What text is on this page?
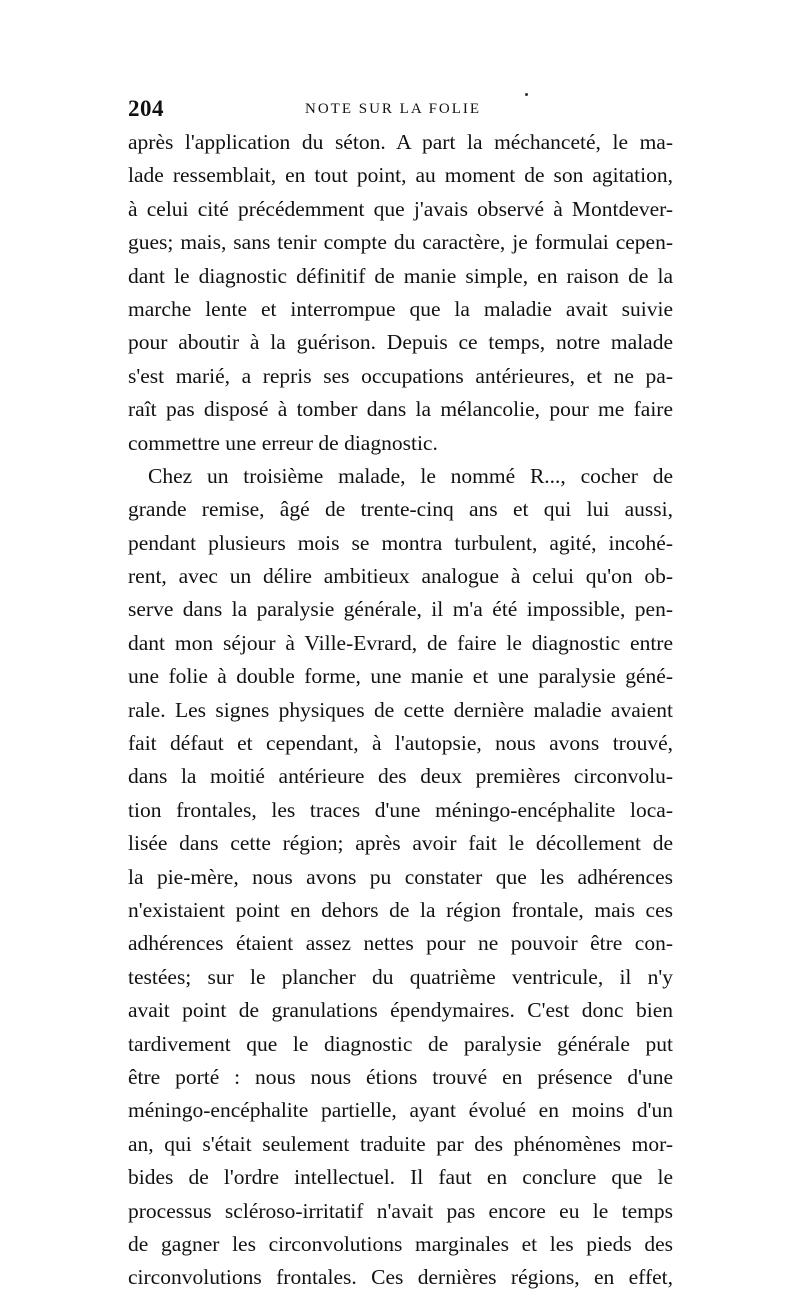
204	NOTE SUR LA FOLIE
après l'application du séton. A part la méchanceté, le ma-
lade ressemblait, en tout point, au moment de son agitation,
à celui cité précédemment que j'avais observé à Montdever-
gues; mais, sans tenir compte du caractère, je formulai cepen-
dant le diagnostic définitif de manie simple, en raison de la
marche lente et interrompue que la maladie avait suivie
pour aboutir à la guérison. Depuis ce temps, notre malade
s'est marié, a repris ses occupations antérieures, et ne pa-
raît pas disposé à tomber dans la mélancolie, pour me faire
commettre une erreur de diagnostic.
Chez un troisième malade, le nommé R..., cocher de
grande remise, âgé de trente-cinq ans et qui lui aussi,
pendant plusieurs mois se montra turbulent, agité, incohé-
rent, avec un délire ambitieux analogue à celui qu'on ob-
serve dans la paralysie générale, il m'a été impossible, pen-
dant mon séjour à Ville-Evrard, de faire le diagnostic entre
une folie à double forme, une manie et une paralysie géné-
rale. Les signes physiques de cette dernière maladie avaient
fait défaut et cependant, à l'autopsie, nous avons trouvé,
dans la moitié antérieure des deux premières circonvolu-
tion frontales, les traces d'une méningo-encéphalite loca-
lisée dans cette région; après avoir fait le décollement de
la pie-mère, nous avons pu constater que les adhérences
n'existaient point en dehors de la région frontale, mais ces
adhérences étaient assez nettes pour ne pouvoir être con-
testées; sur le plancher du quatrième ventricule, il n'y
avait point de granulations épendymaires. C'est donc bien
tardivement que le diagnostic de paralysie générale put
être porté : nous nous étions trouvé en présence d'une
méningo-encéphalite partielle, ayant évolué en moins d'un
an, qui s'était seulement traduite par des phénomènes mor-
bides de l'ordre intellectuel. Il faut en conclure que le
processus scléroso-irritatif n'avait pas encore eu le temps
de gagner les circonvolutions marginales et les pieds des
circonvolutions frontales. Ces dernières régions, en effet,
